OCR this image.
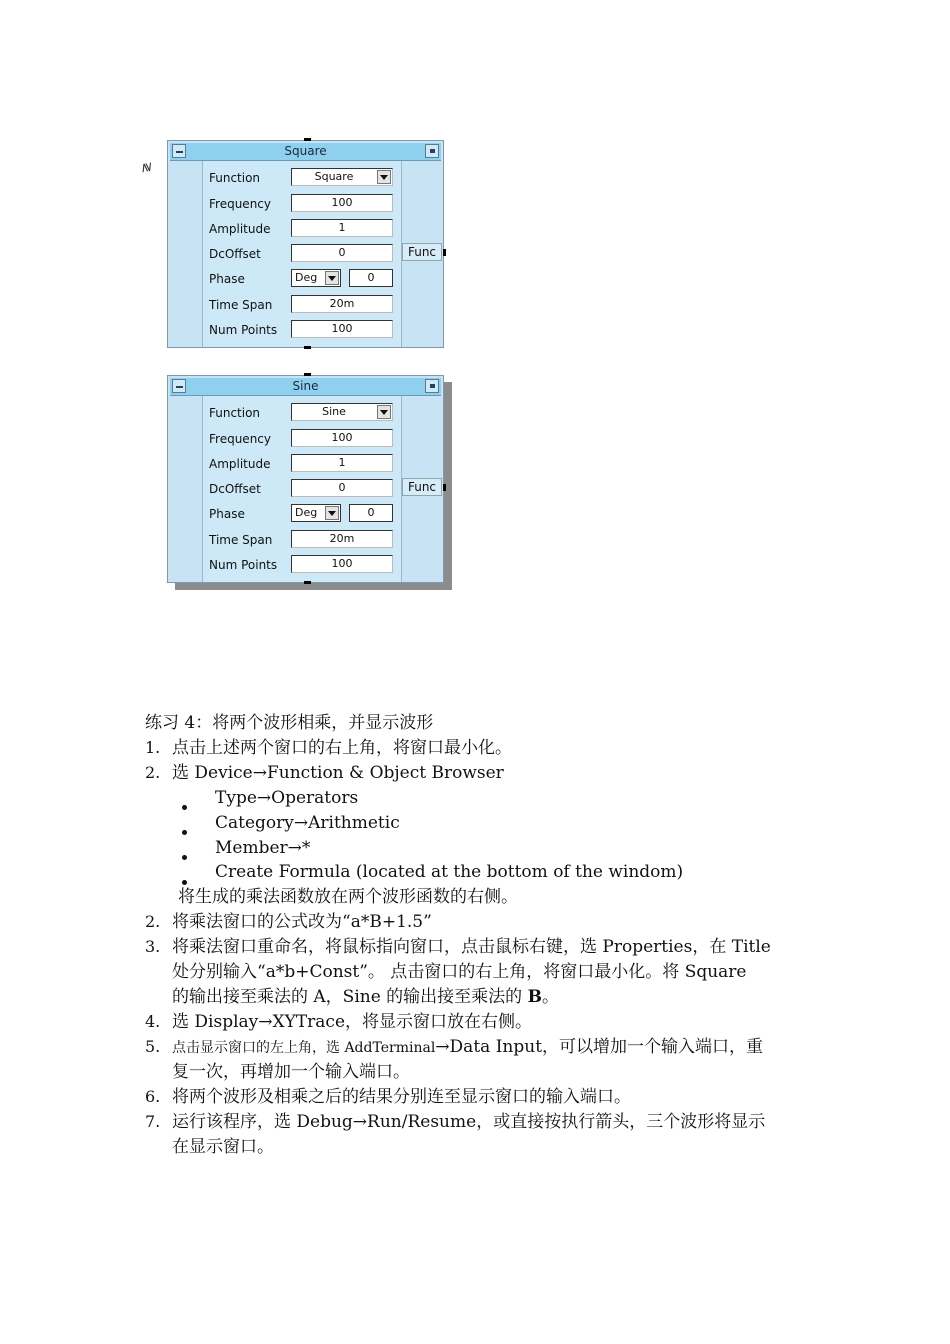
≷
Square
Function	Square
Frequency	100
Amplitude	1
DcOffset	0
Phase	Deg	0
Time Span	20m
Num Points	100
Func
Sine
Function	Sine
Frequency	100
Amplitude	1
DcOffset	0
Phase	Deg	0
Time Span	20m
Num Points	100
Func
练习 4：将两个波形相乘，并显示波形
1. 点击上述两个窗口的右上角，将窗口最小化。
2. 选 Device→Function & Object Browser
Type→Operators
Category→Arithmetic
Member→*
Create Formula (located at the bottom of the windom)
将生成的乘法函数放在两个波形函数的右侧。
2. 将乘法窗口的公式改为“a*B+1.5”
3. 将乘法窗口重命名，将鼠标指向窗口，点击鼠标右键，选 Properties，在 Title
处分别输入“a*b+Const”。 点击窗口的右上角，将窗口最小化。将 Square
的输出接至乘法的 A，Sine 的输出接至乘法的 B。
4. 选 Display→XYTrace，将显示窗口放在右侧。
5. 点击显示窗口的左上角，选 AddTerminal→Data Input，可以增加一个输入端口，重
复一次，再增加一个输入端口。
6. 将两个波形及相乘之后的结果分别连至显示窗口的输入端口。
7. 运行该程序，选 Debug→Run/Resume，或直接按执行箭头，三个波形将显示
在显示窗口。
